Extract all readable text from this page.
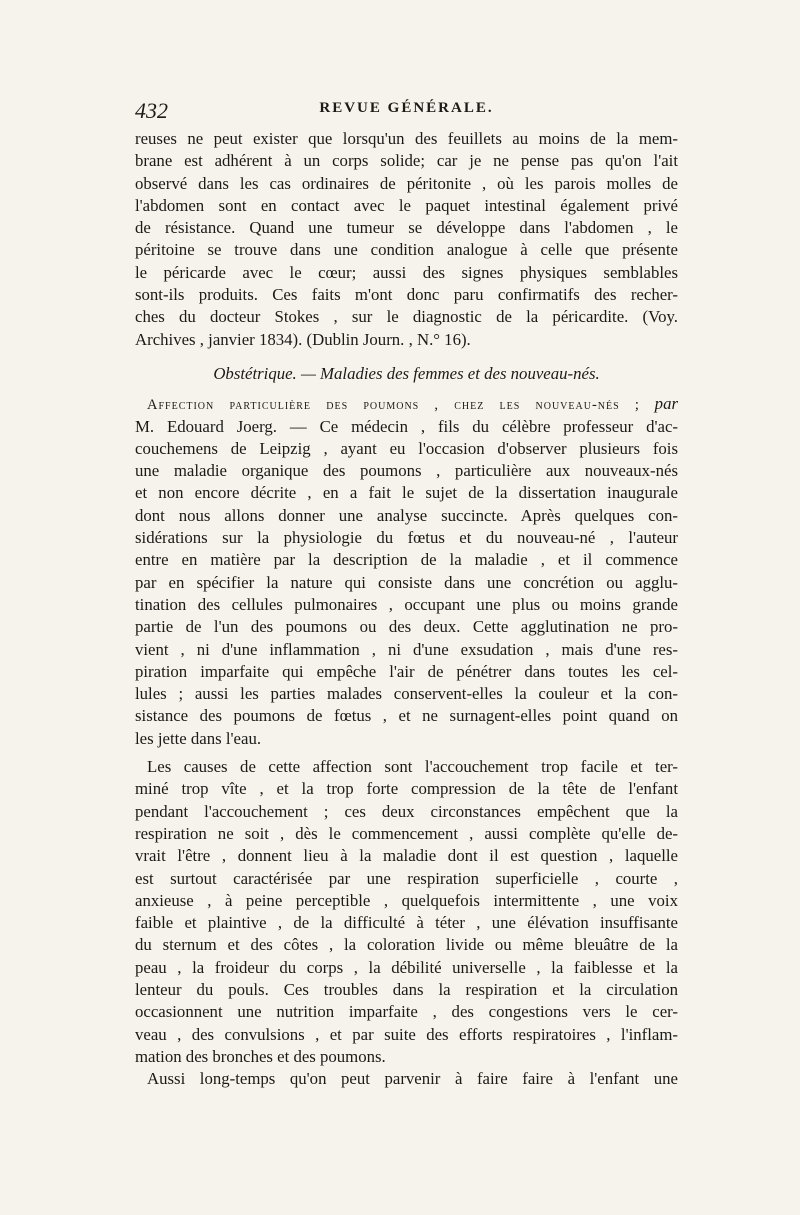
432	REVUE GÉNÉRALE.

reuses ne peut exister que lorsqu'un des feuillets au moins de la mem-
brane est adhérent à un corps solide; car je ne pense pas qu'on l'ait
observé dans les cas ordinaires de péritonite , où les parois molles de
l'abdomen sont en contact avec le paquet intestinal également privé
de résistance. Quand une tumeur se développe dans l'abdomen , le
péritoine se trouve dans une condition analogue à celle que présente
le péricarde avec le cœur; aussi des signes physiques semblables
sont-ils produits. Ces faits m'ont donc paru confirmatifs des recher-
ches du docteur Stokes , sur le diagnostic de la péricardite. (Voy.
Archives , janvier 1834). (Dublin Journ. , N.° 16).

Obstétrique. — Maladies des femmes et des nouveau-nés.

Affection particulière des poumons , chez les nouveau-nés ; par
M. Edouard Joerg. — Ce médecin , fils du célèbre professeur d'ac-
couchemens de Leipzig , ayant eu l'occasion d'observer plusieurs fois
une maladie organique des poumons , particulière aux nouveaux-nés
et non encore décrite , en a fait le sujet de la dissertation inaugurale
dont nous allons donner une analyse succincte. Après quelques con-
sidérations sur la physiologie du fœtus et du nouveau-né , l'auteur
entre en matière par la description de la maladie , et il commence
par en spécifier la nature qui consiste dans une concrétion ou agglu-
tination des cellules pulmonaires , occupant une plus ou moins grande
partie de l'un des poumons ou des deux. Cette agglutination ne pro-
vient , ni d'une inflammation , ni d'une exsudation , mais d'une res-
piration imparfaite qui empêche l'air de pénétrer dans toutes les cel-
lules ; aussi les parties malades conservent-elles la couleur et la con-
sistance des poumons de fœtus , et ne surnagent-elles point quand on
les jette dans l'eau.

Les causes de cette affection sont l'accouchement trop facile et ter-
miné trop vîte , et la trop forte compression de la tête de l'enfant
pendant l'accouchement ; ces deux circonstances empêchent que la
respiration ne soit , dès le commencement , aussi complète qu'elle de-
vrait l'être , donnent lieu à la maladie dont il est question , laquelle
est surtout caractérisée par une respiration superficielle , courte ,
anxieuse , à peine perceptible , quelquefois intermittente , une voix
faible et plaintive , de la difficulté à téter , une élévation insuffisante
du sternum et des côtes , la coloration livide ou même bleuâtre de la
peau , la froideur du corps , la débilité universelle , la faiblesse et la
lenteur du pouls. Ces troubles dans la respiration et la circulation
occasionnent une nutrition imparfaite , des congestions vers le cer-
veau , des convulsions , et par suite des efforts respiratoires , l'inflam-
mation des bronches et des poumons.

Aussi long-temps qu'on peut parvenir à faire faire à l'enfant une
